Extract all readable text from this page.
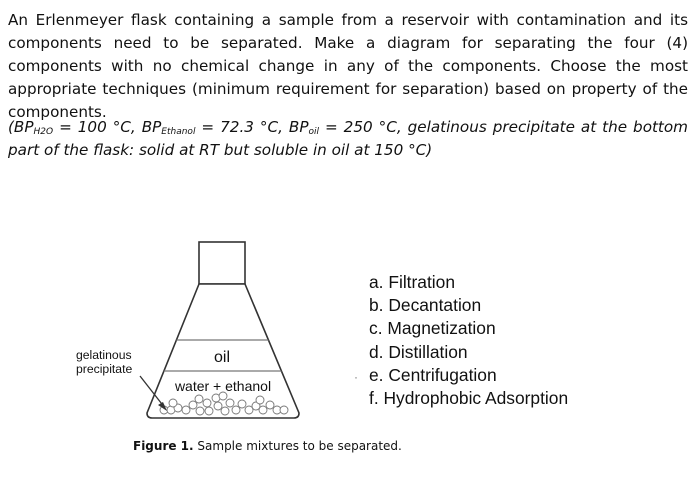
An Erlenmeyer flask containing a sample from a reservoir with contamination and its components need to be separated. Make a diagram for separating the four (4) components with no chemical change in any of the components. Choose the most appropriate techniques (minimum requirement for separation) based on property of the components.

($BP_{H2O} = 100$ °C, $BP_{Ethanol} = 72.3$ °C, $BP_{oil} = 250$ °C, gelatinous precipitate at the bottom part of the flask: solid at RT but soluble in oil at 150 °C)

gelatinous
precipitate
oil
water + ethanol
·
a. Filtration
b. Decantation
c. Magnetization
d. Distillation
e. Centrifugation
f. Hydrophobic Adsorption
Figure 1. Sample mixtures to be separated.
